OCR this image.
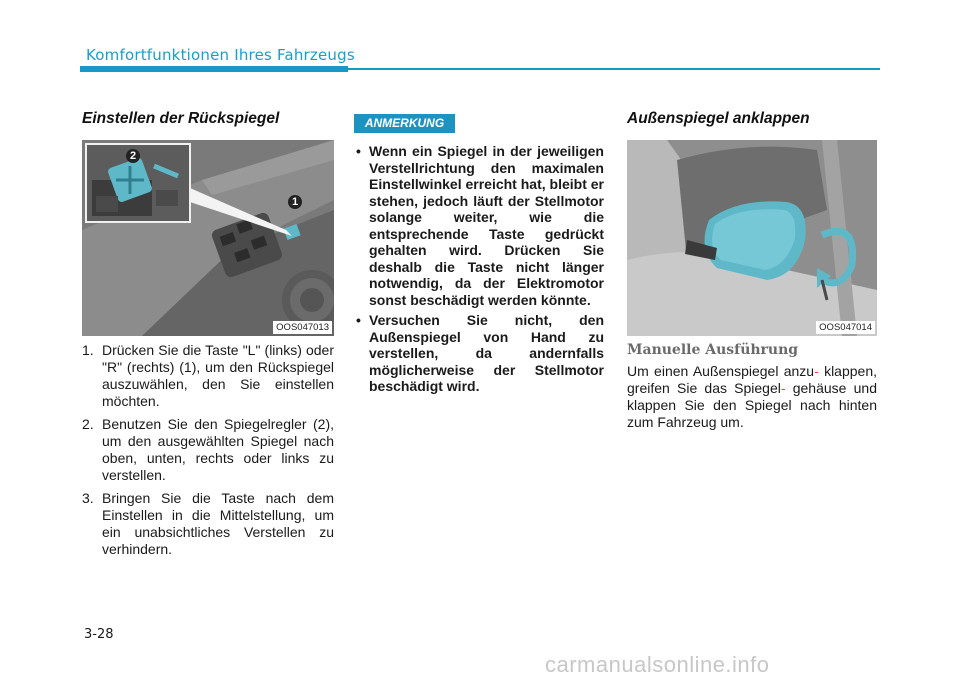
Komfortfunktionen Ihres Fahrzeugs
Einstellen der Rückspiegel
2
1
OOS047013
1. Drücken Sie die Taste "L" (links) oder "R" (rechts) (1), um den Rückspiegel auszuwählen, den Sie einstellen möchten.
2. Benutzen Sie den Spiegelregler (2), um den ausgewählten Spiegel nach oben, unten, rechts oder links zu verstellen.
3. Bringen Sie die Taste nach dem Einstellen in die Mittelstellung, um ein unabsichtliches Verstellen zu verhindern.
ANMERKUNG
• Wenn ein Spiegel in der jeweiligen Verstellrichtung den maximalen Einstellwinkel erreicht hat, bleibt er stehen, jedoch läuft der Stellmotor solange weiter, wie die entsprechende Taste gedrückt gehalten wird. Drücken Sie deshalb die Taste nicht länger notwendig, da der Elektromotor sonst beschädigt werden könnte.
• Versuchen Sie nicht, den Außenspiegel von Hand zu verstellen, da andernfalls möglicherweise der Stellmotor beschädigt wird.
Außenspiegel anklappen
OOS047014
Manuelle Ausführung
Um einen Außenspiegel anzu- klappen, greifen Sie das Spiegel- gehäuse und klappen Sie den Spiegel nach hinten zum Fahrzeug um.
3-28
carmanualsonline.info
